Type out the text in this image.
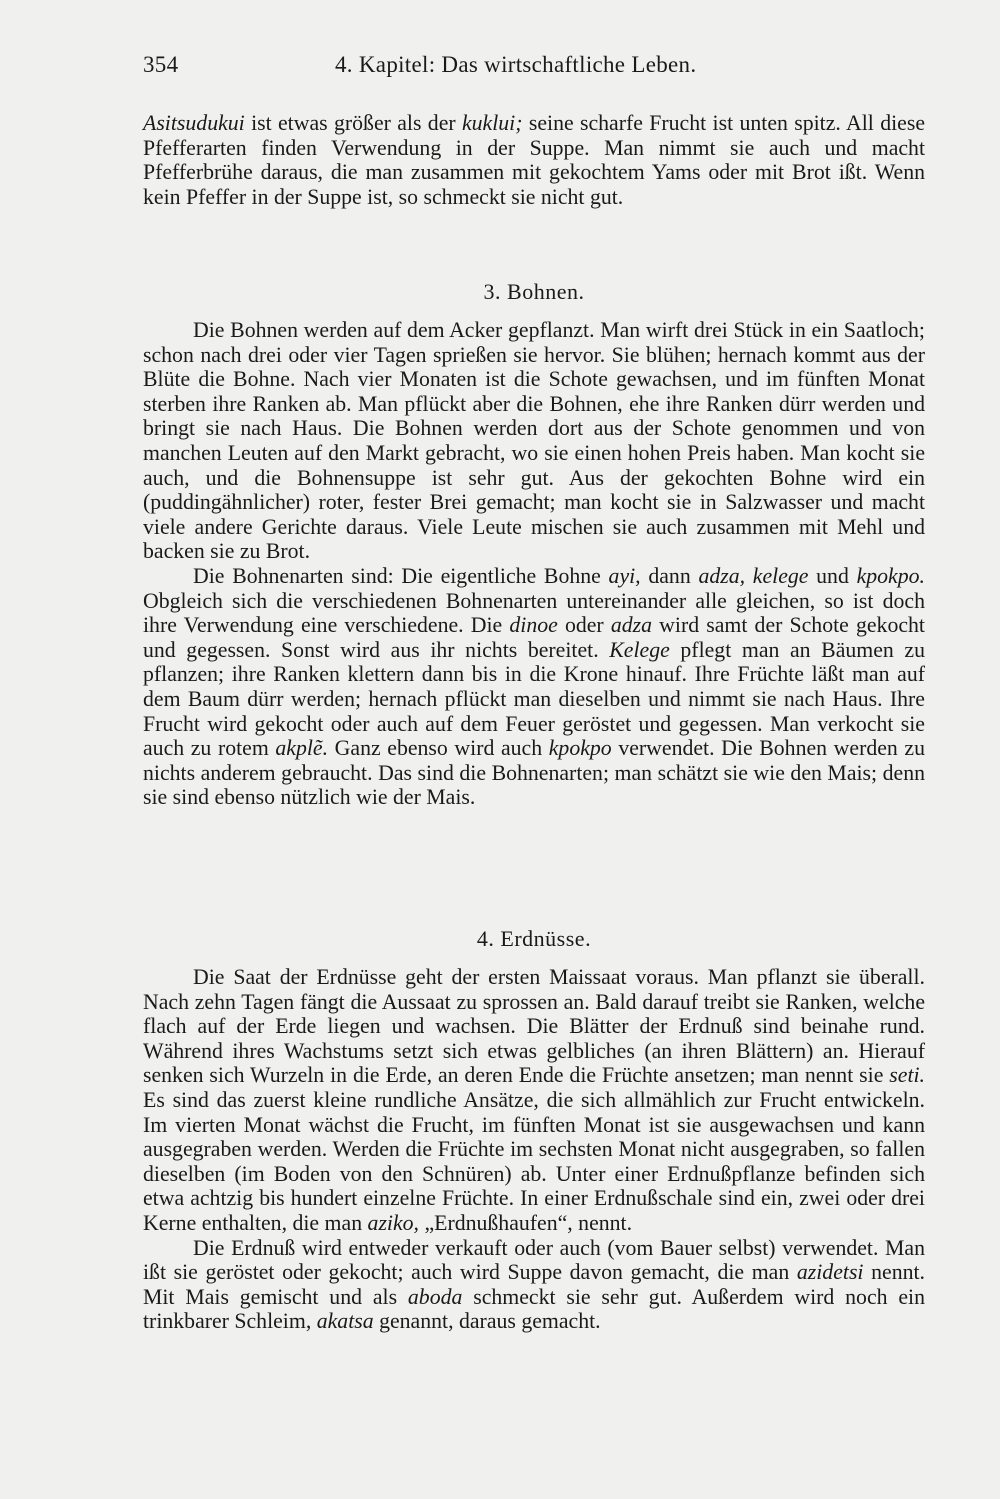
354	4. Kapitel: Das wirtschaftliche Leben.

Asitsudukui ist etwas größer als der kuklui; seine scharfe Frucht ist unten spitz. All diese Pfefferarten finden Verwendung in der Suppe. Man nimmt sie auch und macht Pfefferbrühe daraus, die man zusammen mit gekochtem Yams oder mit Brot ißt. Wenn kein Pfeffer in der Suppe ist, so schmeckt sie nicht gut.

3. Bohnen.

Die Bohnen werden auf dem Acker gepflanzt. Man wirft drei Stück in ein Saatloch; schon nach drei oder vier Tagen sprießen sie hervor. Sie blühen; hernach kommt aus der Blüte die Bohne. Nach vier Monaten ist die Schote gewachsen, und im fünften Monat sterben ihre Ranken ab. Man pflückt aber die Bohnen, ehe ihre Ranken dürr werden und bringt sie nach Haus. Die Bohnen werden dort aus der Schote genommen und von manchen Leuten auf den Markt gebracht, wo sie einen hohen Preis haben. Man kocht sie auch, und die Bohnensuppe ist sehr gut. Aus der gekochten Bohne wird ein (puddingähnlicher) roter, fester Brei gemacht; man kocht sie in Salzwasser und macht viele andere Gerichte daraus. Viele Leute mischen sie auch zusammen mit Mehl und backen sie zu Brot.

Die Bohnenarten sind: Die eigentliche Bohne ayi, dann adza, kelege und kpokpo. Obgleich sich die verschiedenen Bohnenarten untereinander alle gleichen, so ist doch ihre Verwendung eine verschiedene. Die dinoe oder adza wird samt der Schote gekocht und gegessen. Sonst wird aus ihr nichts bereitet. Kelege pflegt man an Bäumen zu pflanzen; ihre Ranken klettern dann bis in die Krone hinauf. Ihre Früchte läßt man auf dem Baum dürr werden; hernach pflückt man dieselben und nimmt sie nach Haus. Ihre Frucht wird gekocht oder auch auf dem Feuer geröstet und gegessen. Man verkocht sie auch zu rotem akplẽ. Ganz ebenso wird auch kpokpo verwendet. Die Bohnen werden zu nichts anderem gebraucht. Das sind die Bohnenarten; man schätzt sie wie den Mais; denn sie sind ebenso nützlich wie der Mais.

4. Erdnüsse.

Die Saat der Erdnüsse geht der ersten Maissaat voraus. Man pflanzt sie überall. Nach zehn Tagen fängt die Aussaat zu sprossen an. Bald darauf treibt sie Ranken, welche flach auf der Erde liegen und wachsen. Die Blätter der Erdnuß sind beinahe rund. Während ihres Wachstums setzt sich etwas gelbliches (an ihren Blättern) an. Hierauf senken sich Wurzeln in die Erde, an deren Ende die Früchte ansetzen; man nennt sie seti. Es sind das zuerst kleine rundliche Ansätze, die sich allmählich zur Frucht entwickeln. Im vierten Monat wächst die Frucht, im fünften Monat ist sie ausgewachsen und kann ausgegraben werden. Werden die Früchte im sechsten Monat nicht ausgegraben, so fallen dieselben (im Boden von den Schnüren) ab. Unter einer Erdnußpflanze befinden sich etwa achtzig bis hundert einzelne Früchte. In einer Erdnußschale sind ein, zwei oder drei Kerne enthalten, die man aziko, „Erdnußhaufen“, nennt.

Die Erdnuß wird entweder verkauft oder auch (vom Bauer selbst) verwendet. Man ißt sie geröstet oder gekocht; auch wird Suppe davon gemacht, die man azidetsi nennt. Mit Mais gemischt und als aboda schmeckt sie sehr gut. Außerdem wird noch ein trinkbarer Schleim, akatsa genannt, daraus gemacht.
